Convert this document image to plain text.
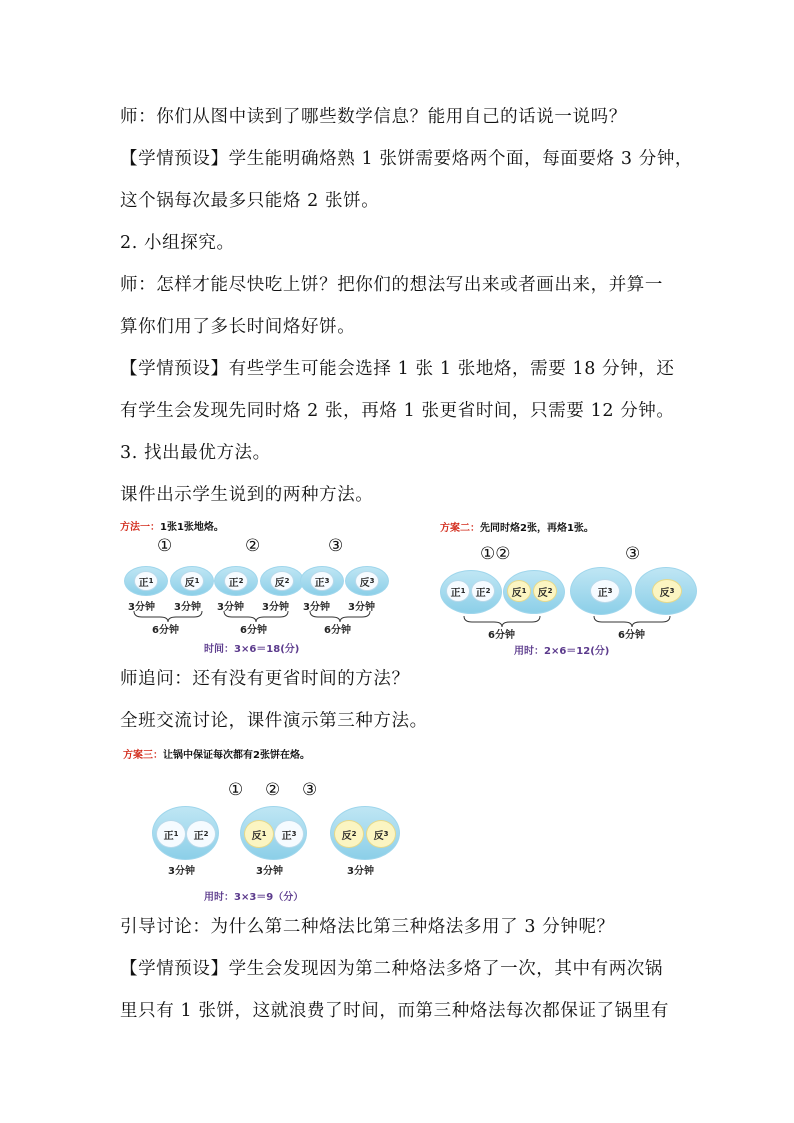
师：你们从图中读到了哪些数学信息？能用自己的话说一说吗？
【学情预设】学生能明确烙熟 1 张饼需要烙两个面，每面要烙 3 分钟，
这个锅每次最多只能烙 2 张饼。
2. 小组探究。
师：怎样才能尽快吃上饼？把你们的想法写出来或者画出来，并算一
算你们用了多长时间烙好饼。
【学情预设】有些学生可能会选择 1 张 1 张地烙，需要 18 分钟，还
有学生会发现先同时烙 2 张，再烙 1 张更省时间，只需要 12 分钟。
3. 找出最优方法。
课件出示学生说到的两种方法。
方法一：1张1张地烙。
①	②	③
正 1	反 1	正 2	反 2	正 3	反 3
3分钟 3分钟 3分钟 3分钟 3分钟 3分钟
6分钟	6分钟	6分钟
时间：3×6＝18(分)
方案二：先同时烙2张，再烙1张。
①②	③
正 1 正 2 反 1 反 2	正 3	反 3
6分钟	6分钟
用时：2×6＝12(分)
师追问：还有没有更省时间的方法？
全班交流讨论，课件演示第三种方法。
方案三：让锅中保证每次都有2张饼在烙。
① ② ③
正 1 正 2	反 1 正 3	反 2 反 3
3分钟	3分钟	3分钟
用时：3×3＝9（分）
引导讨论：为什么第二种烙法比第三种烙法多用了 3 分钟呢？
【学情预设】学生会发现因为第二种烙法多烙了一次，其中有两次锅
里只有 1 张饼，这就浪费了时间，而第三种烙法每次都保证了锅里有
